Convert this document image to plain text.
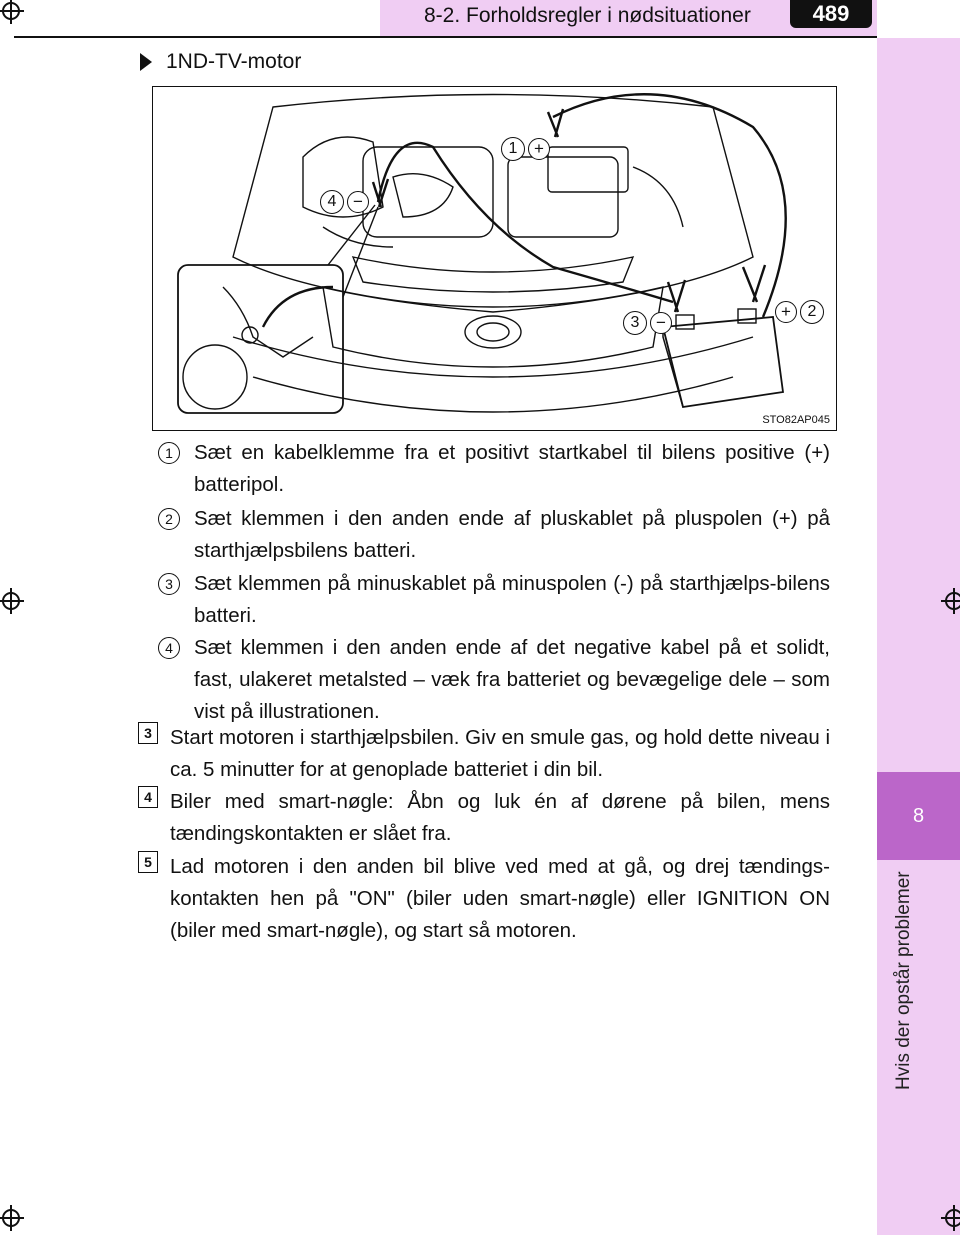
8-2. Forholdsregler i nødsituationer	489
8
Hvis der opstår problemer
1ND-TV-motor
1 +
+	2
3 −
4 −
STO82AP045
1	Sæt en kabelklemme fra et positivt startkabel til bilens positive (+) batteripol.
2	Sæt klemmen i den anden ende af pluskablet på pluspolen (+) på starthjælpsbilens batteri.
3	Sæt klemmen på minuskablet på minuspolen (-) på starthjælps-bilens batteri.
4	Sæt klemmen i den anden ende af det negative kabel på et solidt, fast, ulakeret metalsted – væk fra batteriet og bevægelige dele – som vist på illustrationen.
3 Start motoren i starthjælpsbilen. Giv en smule gas, og hold dette niveau i ca. 5 minutter for at genoplade batteriet i din bil.
4 Biler med smart-nøgle: Åbn og luk én af dørene på bilen, mens tændingskontakten er slået fra.
5 Lad motoren i den anden bil blive ved med at gå, og drej tændings-kontakten hen på "ON" (biler uden smart-nøgle) eller IGNITION ON (biler med smart-nøgle), og start så motoren.
